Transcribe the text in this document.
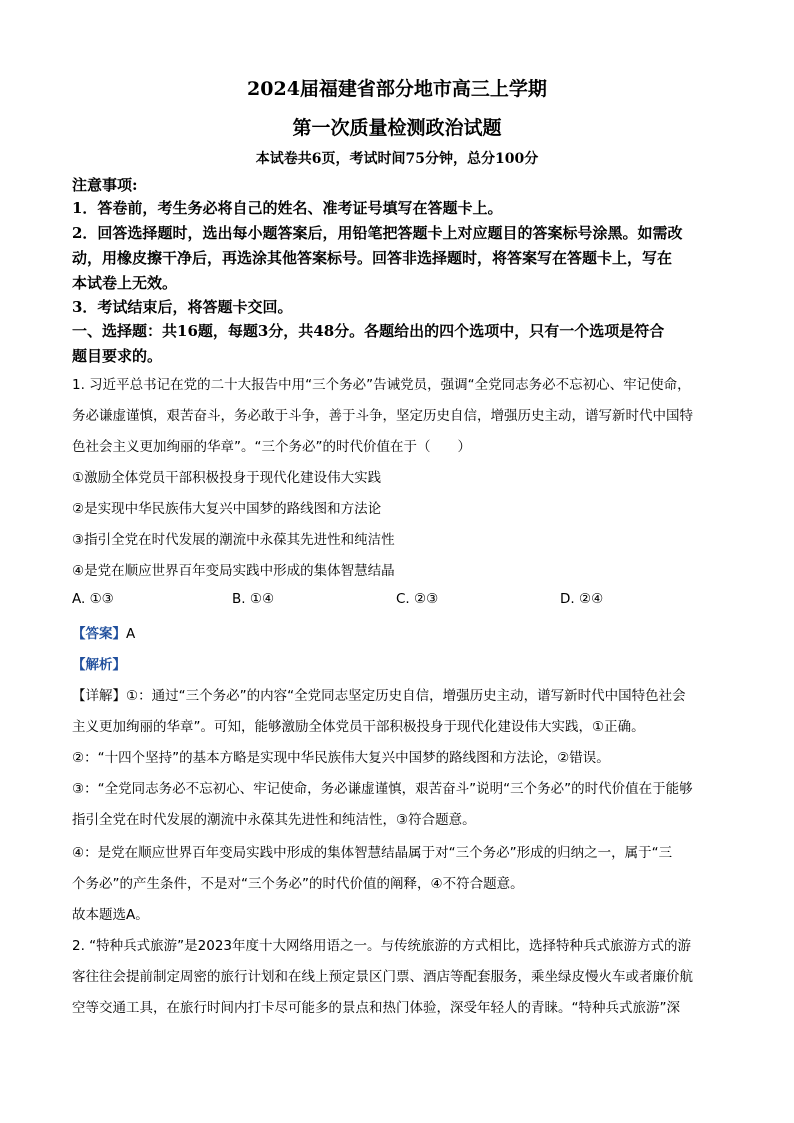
2024届福建省部分地市高三上学期
第一次质量检测政治试题
本试卷共6页，考试时间75分钟，总分100分
注意事项:
1．答卷前，考生务必将自己的姓名、准考证号填写在答题卡上。
2．回答选择题时，选出每小题答案后，用铅笔把答题卡上对应题目的答案标号涂黑。如需改
动，用橡皮擦干净后，再选涂其他答案标号。回答非选择题时，将答案写在答题卡上，写在
本试卷上无效。
3．考试结束后，将答题卡交回。
一、选择题：共16题，每题3分，共48分。各题给出的四个选项中，只有一个选项是符合
题目要求的。
1. 习近平总书记在党的二十大报告中用“三个务必”告诫党员，强调“全党同志务必不忘初心、牢记使命，
务必谦虚谨慎，艰苦奋斗，务必敢于斗争，善于斗争，坚定历史自信，增强历史主动，谱写新时代中国特
色社会主义更加绚丽的华章”。“三个务必”的时代价值在于（　　）
①激励全体党员干部积极投身于现代化建设伟大实践
②是实现中华民族伟大复兴中国梦的路线图和方法论
③指引全党在时代发展的潮流中永葆其先进性和纯洁性
④是党在顺应世界百年变局实践中形成的集体智慧结晶
A. ①③	B. ①④	C. ②③	D. ②④
【答案】A
【解析】
【详解】①：通过“三个务必”的内容“全党同志坚定历史自信，增强历史主动，谱写新时代中国特色社会
主义更加绚丽的华章”。可知，能够激励全体党员干部积极投身于现代化建设伟大实践，①正确。
②：“十四个坚持”的基本方略是实现中华民族伟大复兴中国梦的路线图和方法论，②错误。
③：“全党同志务必不忘初心、牢记使命，务必谦虚谨慎，艰苦奋斗”说明“三个务必”的时代价值在于能够
指引全党在时代发展的潮流中永葆其先进性和纯洁性，③符合题意。
④：是党在顺应世界百年变局实践中形成的集体智慧结晶属于对“三个务必”形成的归纳之一，属于“三
个务必”的产生条件，不是对“三个务必”的时代价值的阐释，④不符合题意。
故本题选A。
2. “特种兵式旅游”是2023年度十大网络用语之一。与传统旅游的方式相比，选择特种兵式旅游方式的游
客往往会提前制定周密的旅行计划和在线上预定景区门票、酒店等配套服务，乘坐绿皮慢火车或者廉价航
空等交通工具，在旅行时间内打卡尽可能多的景点和热门体验，深受年轻人的青睐。“特种兵式旅游”深
